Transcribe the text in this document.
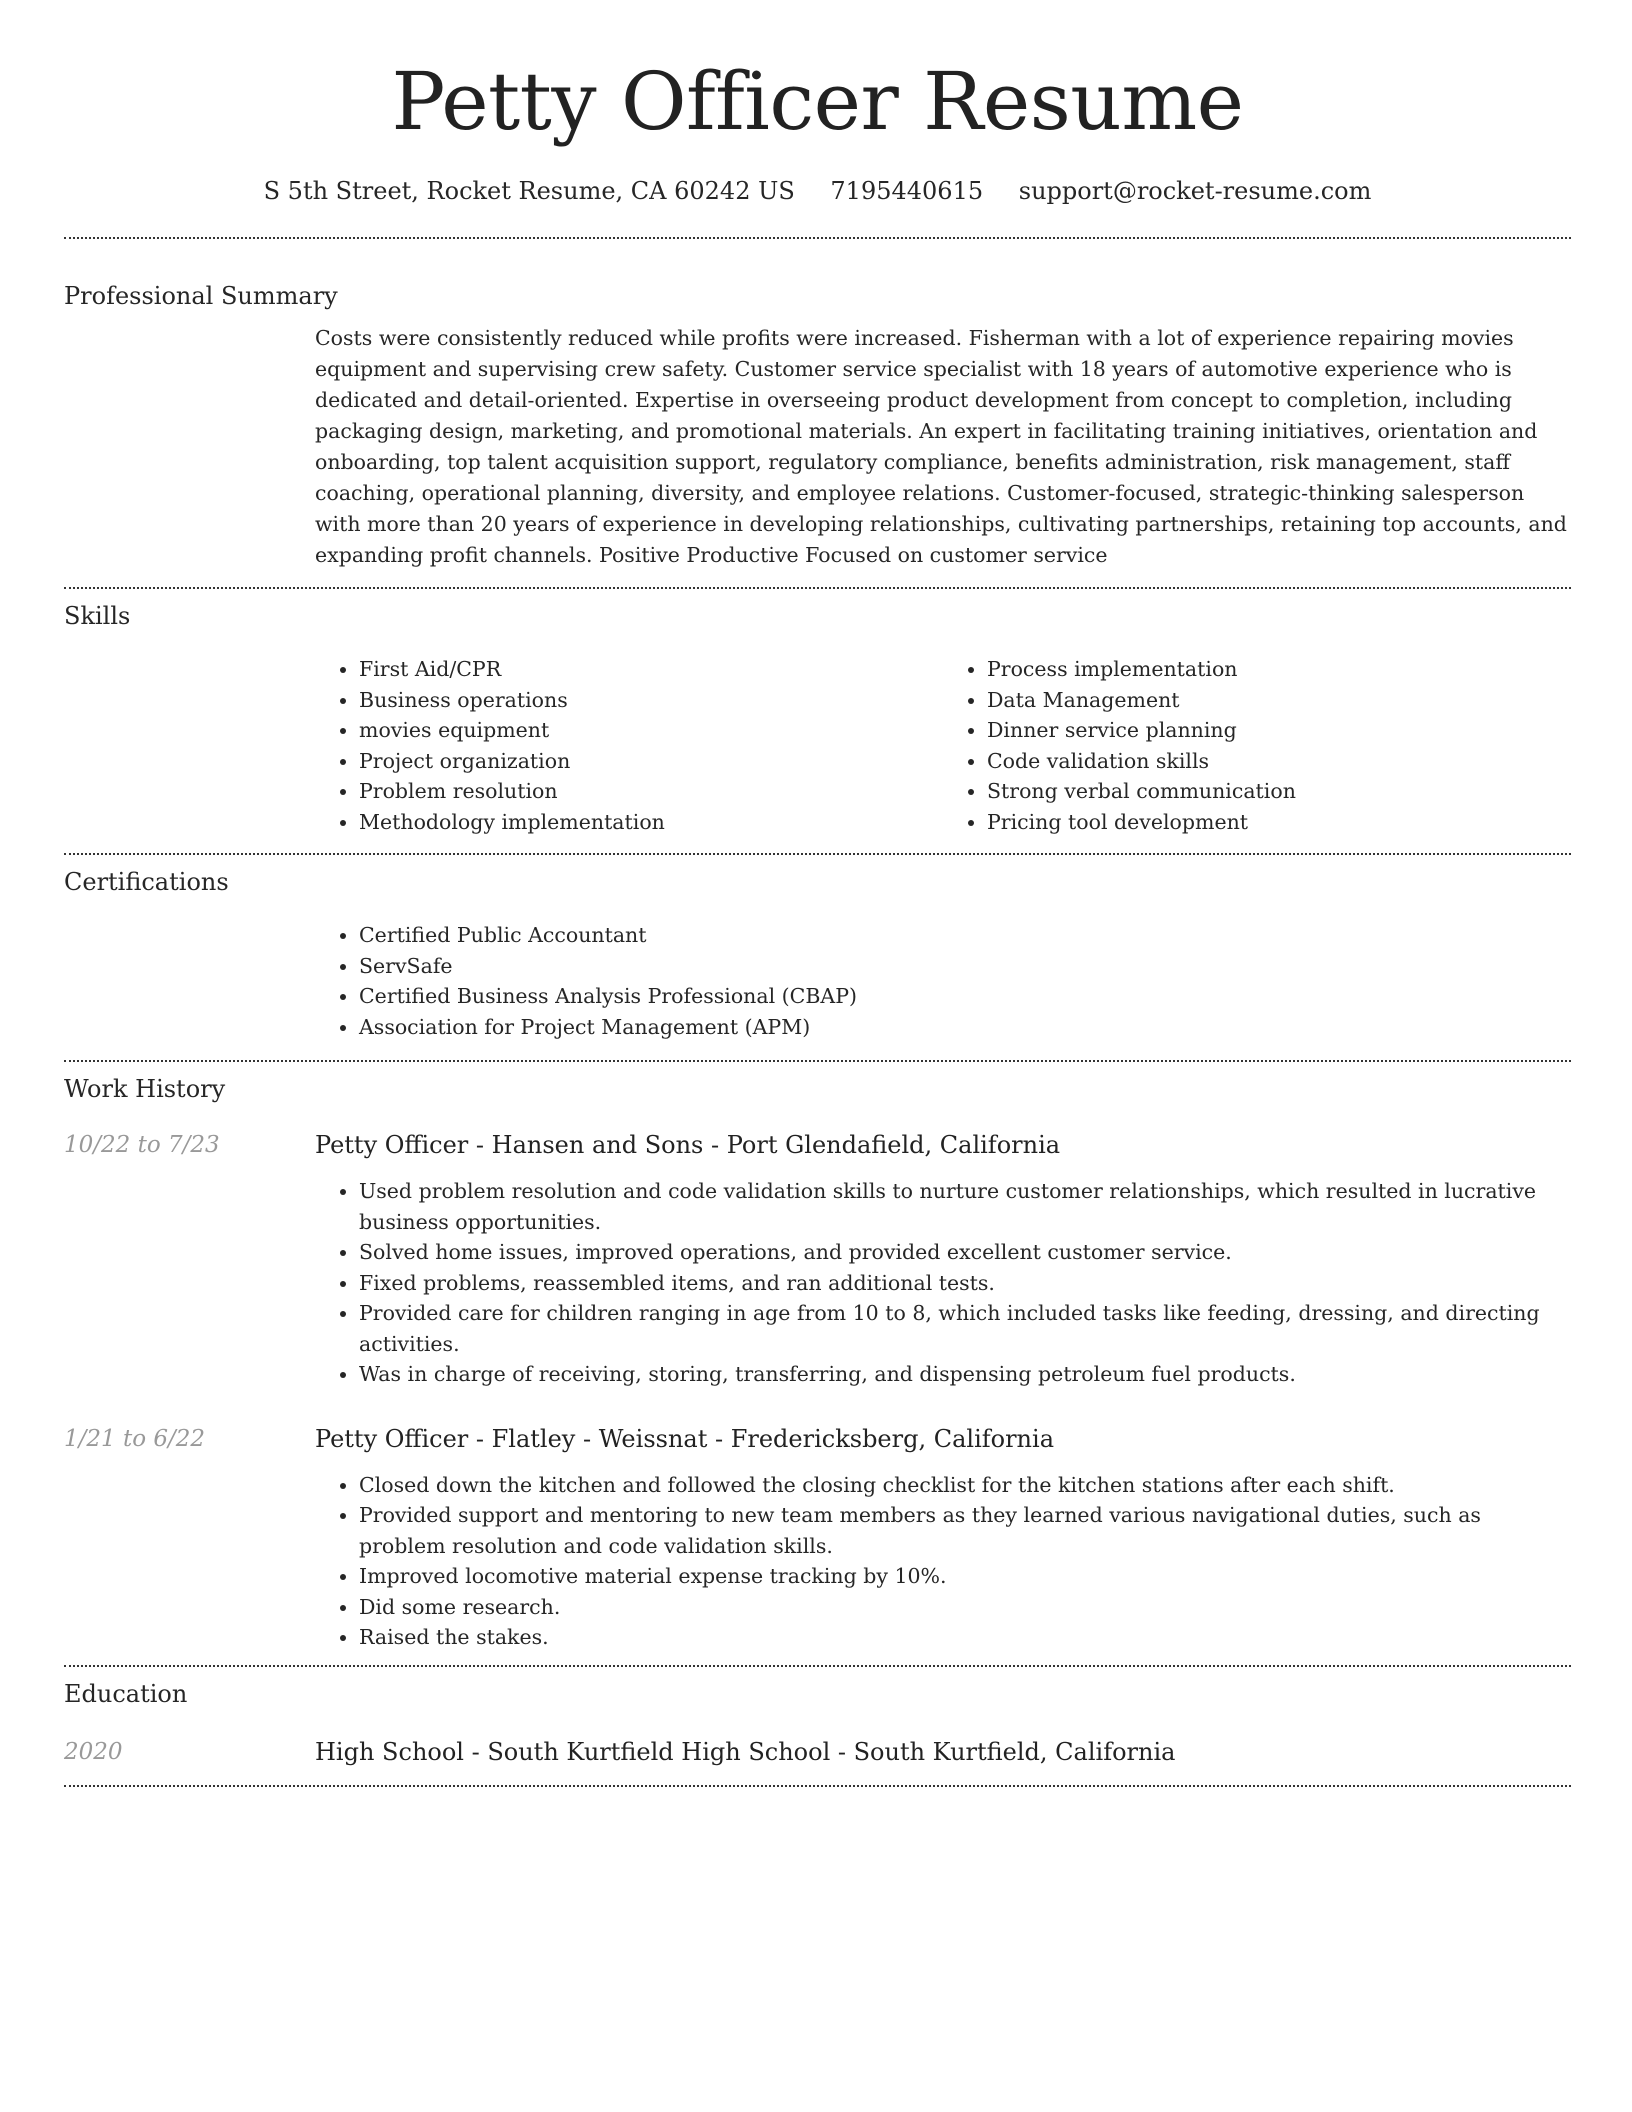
Petty Officer Resume
S 5th Street, Rocket Resume, CA 60242 US 7195440615 support@rocket-resume.com
Professional Summary

Costs were consistently reduced while profits were increased. Fisherman with a lot of experience repairing movies equipment and supervising crew safety. Customer service specialist with 18 years of automotive experience who is dedicated and detail-oriented. Expertise in overseeing product development from concept to completion, including packaging design, marketing, and promotional materials. An expert in facilitating training initiatives, orientation and onboarding, top talent acquisition support, regulatory compliance, benefits administration, risk management, staff coaching, operational planning, diversity, and employee relations. Customer-focused, strategic-thinking salesperson with more than 20 years of experience in developing relationships, cultivating partnerships, retaining top accounts, and expanding profit channels. Positive Productive Focused on customer service

Skills
• First Aid/CPR
• Business operations
• movies equipment
• Project organization
• Problem resolution
• Methodology implementation
• Process implementation
• Data Management
• Dinner service planning
• Code validation skills
• Strong verbal communication
• Pricing tool development
Certifications
• Certified Public Accountant
• ServSafe
• Certified Business Analysis Professional (CBAP)
• Association for Project Management (APM)
Work History
10/22 to 7/23	Petty Officer - Hansen and Sons - Port Glendafield, California
• Used problem resolution and code validation skills to nurture customer relationships, which resulted in lucrative business opportunities.
• Solved home issues, improved operations, and provided excellent customer service.
• Fixed problems, reassembled items, and ran additional tests.
• Provided care for children ranging in age from 10 to 8, which included tasks like feeding, dressing, and directing activities.
• Was in charge of receiving, storing, transferring, and dispensing petroleum fuel products.
1/21 to 6/22	Petty Officer - Flatley - Weissnat - Fredericksberg, California
• Closed down the kitchen and followed the closing checklist for the kitchen stations after each shift.
• Provided support and mentoring to new team members as they learned various navigational duties, such as problem resolution and code validation skills.
• Improved locomotive material expense tracking by 10%.
• Did some research.
• Raised the stakes.
Education
2020	High School - South Kurtfield High School - South Kurtfield, California
